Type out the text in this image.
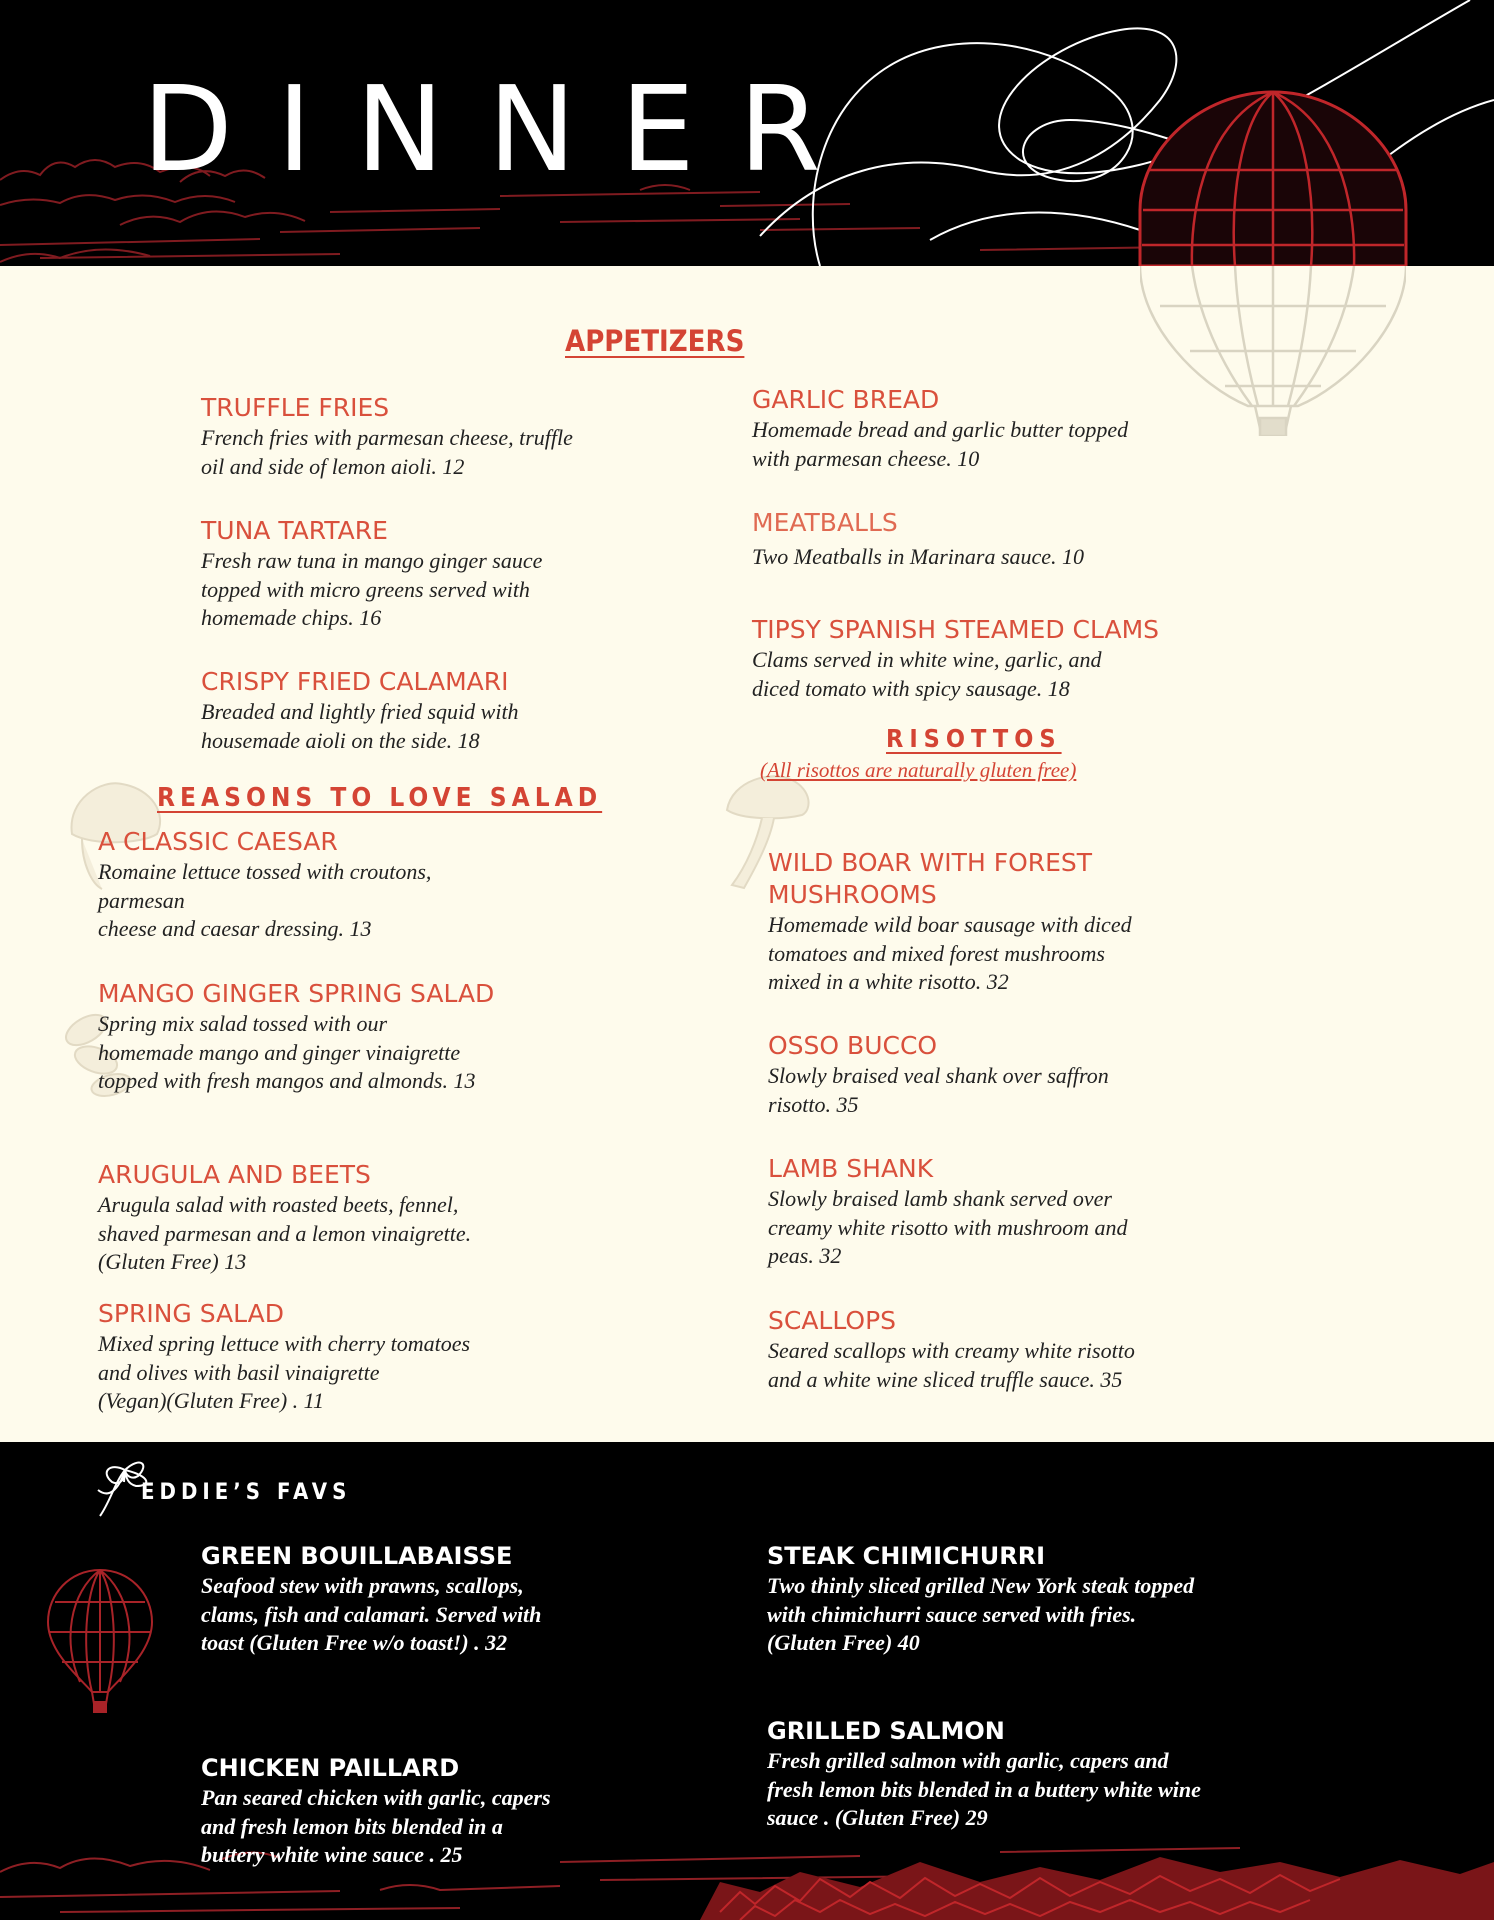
DINNER
APPETIZERS

TRUFFLE FRIES

French fries with parmesan cheese, truffle
oil and side of lemon aioli. 12

TUNA TARTARE

Fresh raw tuna in mango ginger sauce
topped with micro greens served with
homemade chips. 16

CRISPY FRIED CALAMARI

Breaded and lightly fried squid with
housemade aioli on the side. 18

GARLIC BREAD

Homemade bread and garlic butter topped
with parmesan cheese. 10

MEATBALLS

Two Meatballs in Marinara sauce. 10

TIPSY SPANISH STEAMED CLAMS

Clams served in white wine, garlic, and
diced tomato with spicy sausage. 18

REASONS TO LOVE SALAD

A CLASSIC CAESAR

Romaine lettuce tossed with croutons,
parmesan
cheese and caesar dressing. 13

MANGO GINGER SPRING SALAD

Spring mix salad tossed with our
homemade mango and ginger vinaigrette
topped with fresh mangos and almonds. 13

ARUGULA AND BEETS

Arugula salad with roasted beets, fennel,
shaved parmesan and a lemon vinaigrette.
(Gluten Free) 13

SPRING SALAD

Mixed spring lettuce with cherry tomatoes
and olives with basil vinaigrette
(Vegan)(Gluten Free) . 11

RISOTTOS

(All risottos are naturally gluten free)

WILD BOAR WITH FOREST
MUSHROOMS

Homemade wild boar sausage with diced
tomatoes and mixed forest mushrooms
mixed in a white risotto. 32

OSSO BUCCO

Slowly braised veal shank over saffron
risotto. 35

LAMB SHANK

Slowly braised lamb shank served over
creamy white risotto with mushroom and
peas. 32

SCALLOPS

Seared scallops with creamy white risotto
and a white wine sliced truffle sauce. 35

EDDIE’S FAVS

GREEN BOUILLABAISSE

Seafood stew with prawns, scallops,
clams, fish and calamari. Served with
toast (Gluten Free w/o toast!) . 32

STEAK CHIMICHURRI

Two thinly sliced grilled New York steak topped
with chimichurri sauce served with fries.
(Gluten Free) 40

CHICKEN PAILLARD

Pan seared chicken with garlic, capers
and fresh lemon bits blended in a
buttery white wine sauce . 25

GRILLED SALMON

Fresh grilled salmon with garlic, capers and
fresh lemon bits blended in a buttery white wine
sauce . (Gluten Free) 29
